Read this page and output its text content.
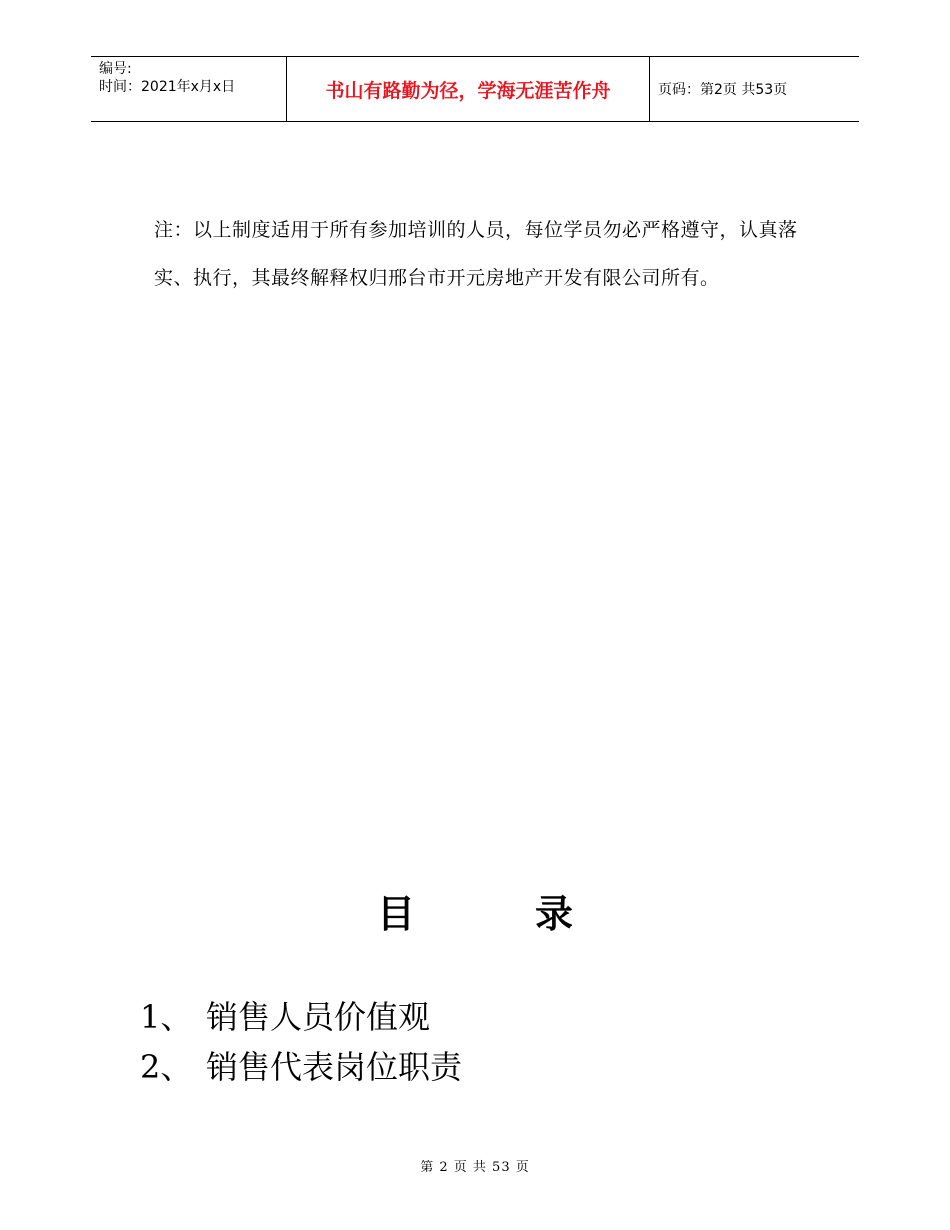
编号:
时间：2021年x月x日	书山有路勤为径，学海无涯苦作舟	页码：第2页 共53页
注：以上制度适用于所有参加培训的人员，每位学员勿必严格遵守，认真落实、执行，其最终解释权归邢台市开元房地产开发有限公司所有。
目	录
1、 销售人员价值观
2、 销售代表岗位职责
第 2 页 共 53 页
